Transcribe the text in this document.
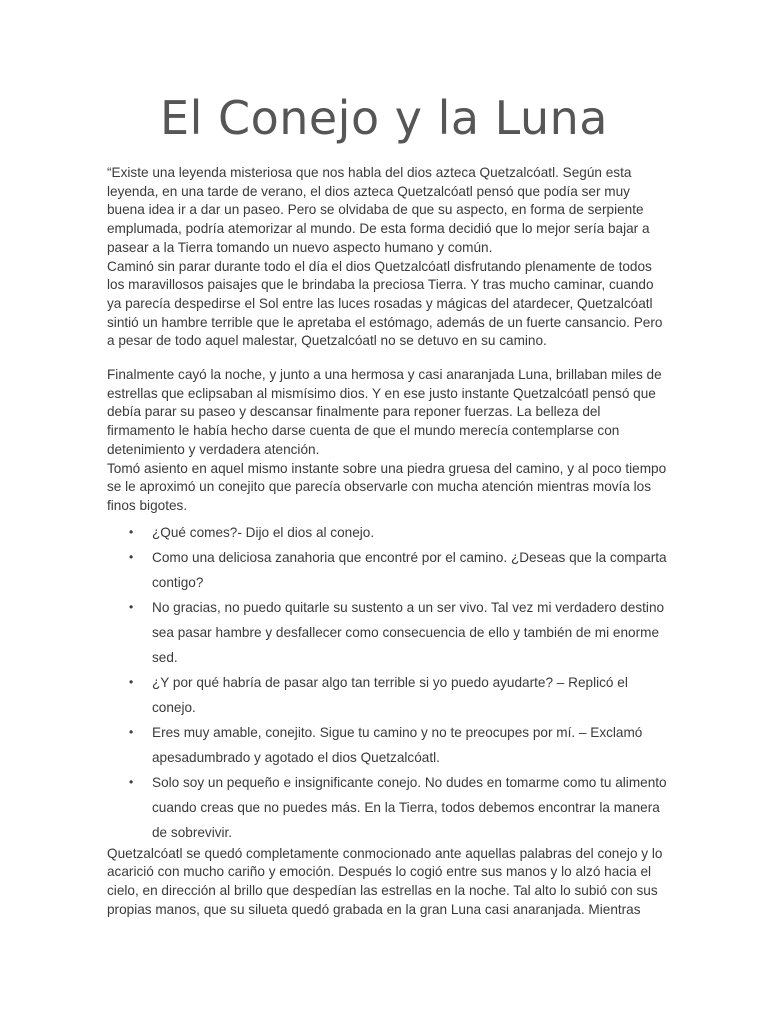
El Conejo y la Luna

“Existe una leyenda misteriosa que nos habla del dios azteca Quetzalcóatl. Según esta leyenda, en una tarde de verano, el dios azteca Quetzalcóatl pensó que podía ser muy buena idea ir a dar un paseo. Pero se olvidaba de que su aspecto, en forma de serpiente emplumada, podría atemorizar al mundo. De esta forma decidió que lo mejor sería bajar a pasear a la Tierra tomando un nuevo aspecto humano y común.

Caminó sin parar durante todo el día el dios Quetzalcóatl disfrutando plenamente de todos los maravillosos paisajes que le brindaba la preciosa Tierra. Y tras mucho caminar, cuando ya parecía despedirse el Sol entre las luces rosadas y mágicas del atardecer, Quetzalcóatl sintió un hambre terrible que le apretaba el estómago, además de un fuerte cansancio. Pero a pesar de todo aquel malestar, Quetzalcóatl no se detuvo en su camino.

Finalmente cayó la noche, y junto a una hermosa y casi anaranjada Luna, brillaban miles de estrellas que eclipsaban al mismísimo dios. Y en ese justo instante Quetzalcóatl pensó que debía parar su paseo y descansar finalmente para reponer fuerzas. La belleza del firmamento le había hecho darse cuenta de que el mundo merecía contemplarse con detenimiento y verdadera atención.

Tomó asiento en aquel mismo instante sobre una piedra gruesa del camino, y al poco tiempo se le aproximó un conejito que parecía observarle con mucha atención mientras movía los finos bigotes.

• ¿Qué comes?- Dijo el dios al conejo.
• Como una deliciosa zanahoria que encontré por el camino. ¿Deseas que la comparta contigo?
• No gracias, no puedo quitarle su sustento a un ser vivo. Tal vez mi verdadero destino sea pasar hambre y desfallecer como consecuencia de ello y también de mi enorme sed.
• ¿Y por qué habría de pasar algo tan terrible si yo puedo ayudarte? – Replicó el conejo.
• Eres muy amable, conejito. Sigue tu camino y no te preocupes por mí. – Exclamó apesadumbrado y agotado el dios Quetzalcóatl.
• Solo soy un pequeño e insignificante conejo. No dudes en tomarme como tu alimento cuando creas que no puedes más. En la Tierra, todos debemos encontrar la manera de sobrevivir.

Quetzalcóatl se quedó completamente conmocionado ante aquellas palabras del conejo y lo acarició con mucho cariño y emoción. Después lo cogió entre sus manos y lo alzó hacia el cielo, en dirección al brillo que despedían las estrellas en la noche. Tal alto lo subió con sus propias manos, que su silueta quedó grabada en la gran Luna casi anaranjada. Mientras
